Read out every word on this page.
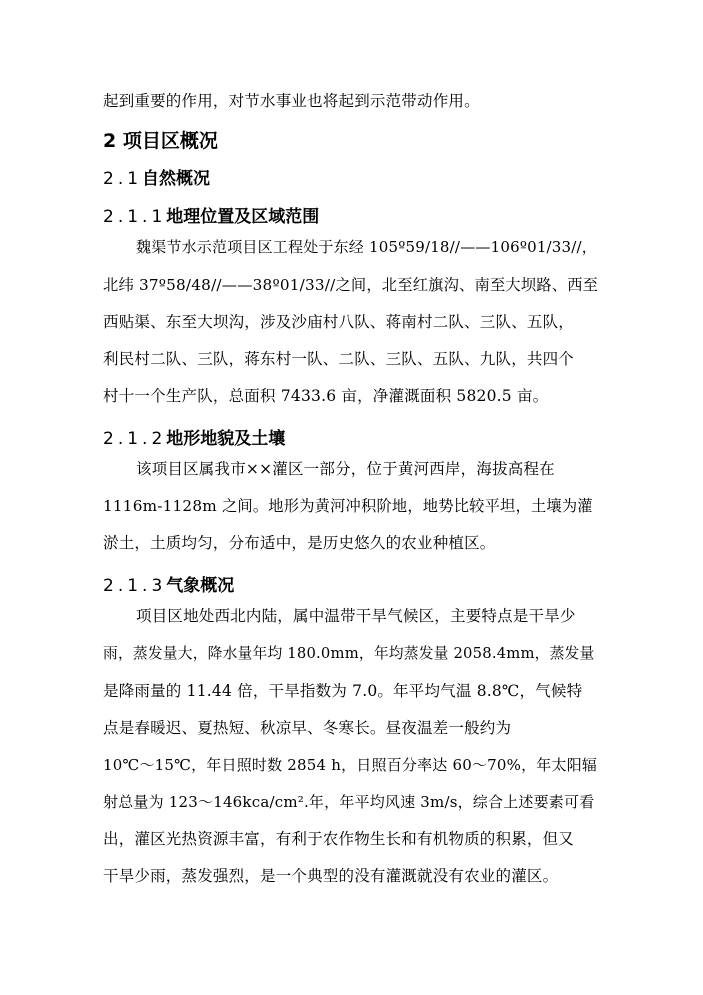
起到重要的作用，对节水事业也将起到示范带动作用。
2 项目区概况
2.1自然概况
2.1.1地理位置及区域范围
魏渠节水示范项目区工程处于东经 105º59/18//——106º01/33//，
北纬 37º58/48//——38º01/33//之间，北至红旗沟、南至大坝路、西至
西贴渠、东至大坝沟，涉及沙庙村八队、蒋南村二队、三队、五队，
利民村二队、三队，蒋东村一队、二队、三队、五队、九队，共四个
村十一个生产队，总面积 7433.6 亩，净灌溉面积 5820.5 亩。
2.1.2地形地貌及土壤
该项目区属我市××灌区一部分，位于黄河西岸，海拔高程在
1116m-1128m 之间。地形为黄河冲积阶地，地势比较平坦，土壤为灌
淤土，土质均匀，分布适中，是历史悠久的农业种植区。
2.1.3气象概况
项目区地处西北内陆，属中温带干旱气候区，主要特点是干旱少
雨，蒸发量大，降水量年均 180.0mm，年均蒸发量 2058.4mm，蒸发量
是降雨量的 11.44 倍，干旱指数为 7.0。年平均气温 8.8℃，气候特
点是春暖迟、夏热短、秋凉早、冬寒长。昼夜温差一般约为
10℃～15℃，年日照时数 2854 h，日照百分率达 60～70%，年太阳辐
射总量为 123～146kca/cm².年，年平均风速 3m/s，综合上述要素可看
出，灌区光热资源丰富，有利于农作物生长和有机物质的积累，但又
干旱少雨，蒸发强烈，是一个典型的没有灌溉就没有农业的灌区。
